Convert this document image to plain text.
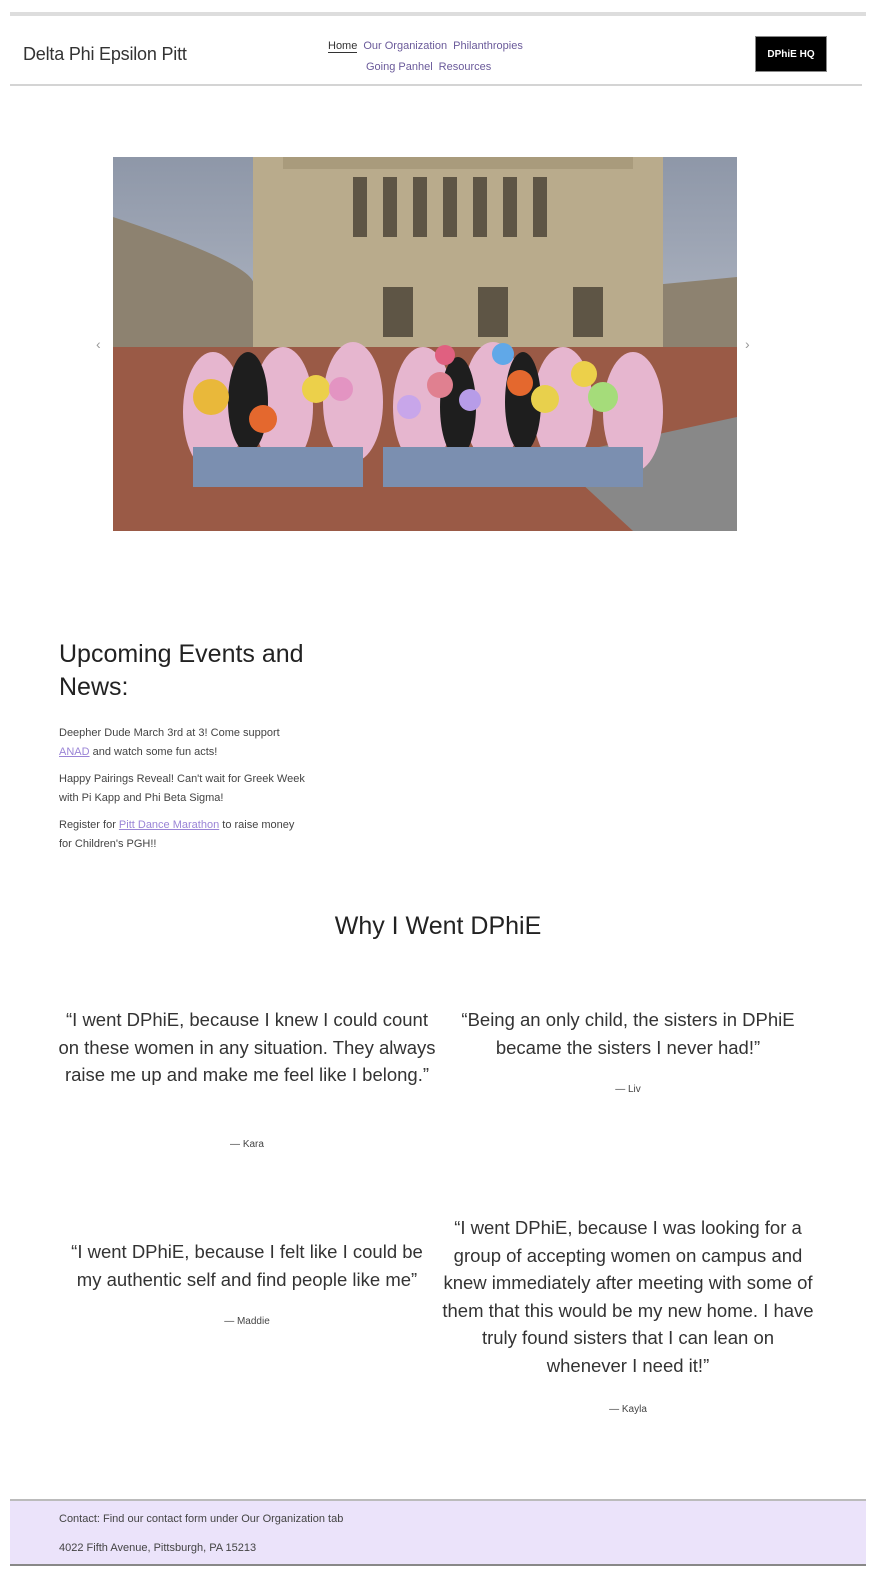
Delta Phi Epsilon Pitt	Home Our Organization Philanthropies
Going Panhel Resources
DPhiE HQ
‹	›
Upcoming Events and News:

Deepher Dude March 3rd at 3! Come support ANAD and watch some fun acts!

Happy Pairings Reveal! Can't wait for Greek Week with Pi Kapp and Phi Beta Sigma!

Register for Pitt Dance Marathon to raise money for Children's PGH!!

Why I Went DPhiE

“I went DPhiE, because I knew I could count on these women in any situation. They always raise me up and make me feel like I belong.”

— Kara

“Being an only child, the sisters in DPhiE became the sisters I never had!”

— Liv

“I went DPhiE, because I felt like I could be my authentic self and find people like me”

— Maddie

“I went DPhiE, because I was looking for a group of accepting women on campus and knew immediately after meeting with some of them that this would be my new home. I have truly found sisters that I can lean on whenever I need it!”

— Kayla

Contact: Find our contact form under Our Organization tab

4022 Fifth Avenue, Pittsburgh, PA 15213
